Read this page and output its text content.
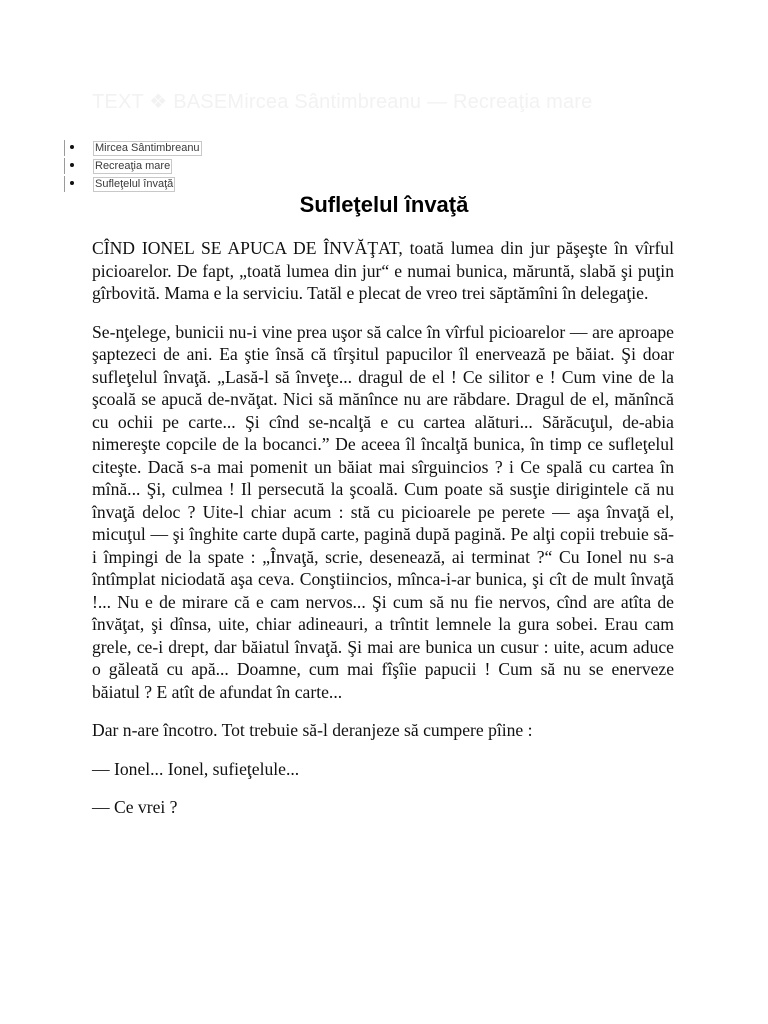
TEXT ❖ BASEMircea Sântimbreanu — Recreaţia mare
Mircea Sântimbreanu
Recreaţia mare
Sufleţelul învaţă
Sufleţelul învaţă

CÎND IONEL SE APUCA DE ÎNVĂŢAT, toată lumea din jur păşeşte în vîrful picioarelor. De fapt, „toată lumea din jur“ e numai bunica, măruntă, slabă şi puţin gîrbovită. Mama e la serviciu. Tatăl e plecat de vreo trei săptămîni în delegaţie.

Se-nţelege, bunicii nu-i vine prea uşor să calce în vîrful picioarelor — are aproape şaptezeci de ani. Ea ştie însă că tîrşitul papucilor îl enervează pe băiat. Şi doar sufleţelul învaţă. „Lasă-l să înveţe... dragul de el ! Ce silitor e ! Cum vine de la şcoală se apucă de-nvăţat. Nici să mănînce nu are răbdare. Dragul de el, mănîncă cu ochii pe carte... Şi cînd se-ncalţă e cu cartea alături... Sărăcuţul, de-abia nimereşte copcile de la bocanci.” De aceea îl încalţă bunica, în timp ce sufleţelul citeşte. Dacă s-a mai pomenit un băiat mai sîrguincios ? i Ce spală cu cartea în mînă... Şi, culmea ! Il persecută la şcoală. Cum poate să susţie dirigintele că nu învaţă deloc ? Uite-l chiar acum : stă cu picioarele pe perete — aşa învaţă el, micuţul — şi înghite carte după carte, pagină după pagină. Pe alţi copii trebuie să-i împingi de la spate : „Învaţă, scrie, desenează, ai terminat ?“ Cu Ionel nu s-a întîmplat niciodată aşa ceva. Conştiincios, mînca-i-ar bunica, şi cît de mult învaţă !... Nu e de mirare că e cam nervos... Şi cum să nu fie nervos, cînd are atîta de învăţat, şi dînsa, uite, chiar adineauri, a trîntit lemnele la gura sobei. Erau cam grele, ce-i drept, dar băiatul învaţă. Şi mai are bunica un cusur : uite, acum aduce o găleată cu apă... Doamne, cum mai fîşîie papucii ! Cum să nu se enerveze băiatul ? E atît de afundat în carte...

Dar n-are încotro. Tot trebuie să-l deranjeze să cumpere pîine :

— Ionel... Ionel, sufieţelule...

— Ce vrei ?
